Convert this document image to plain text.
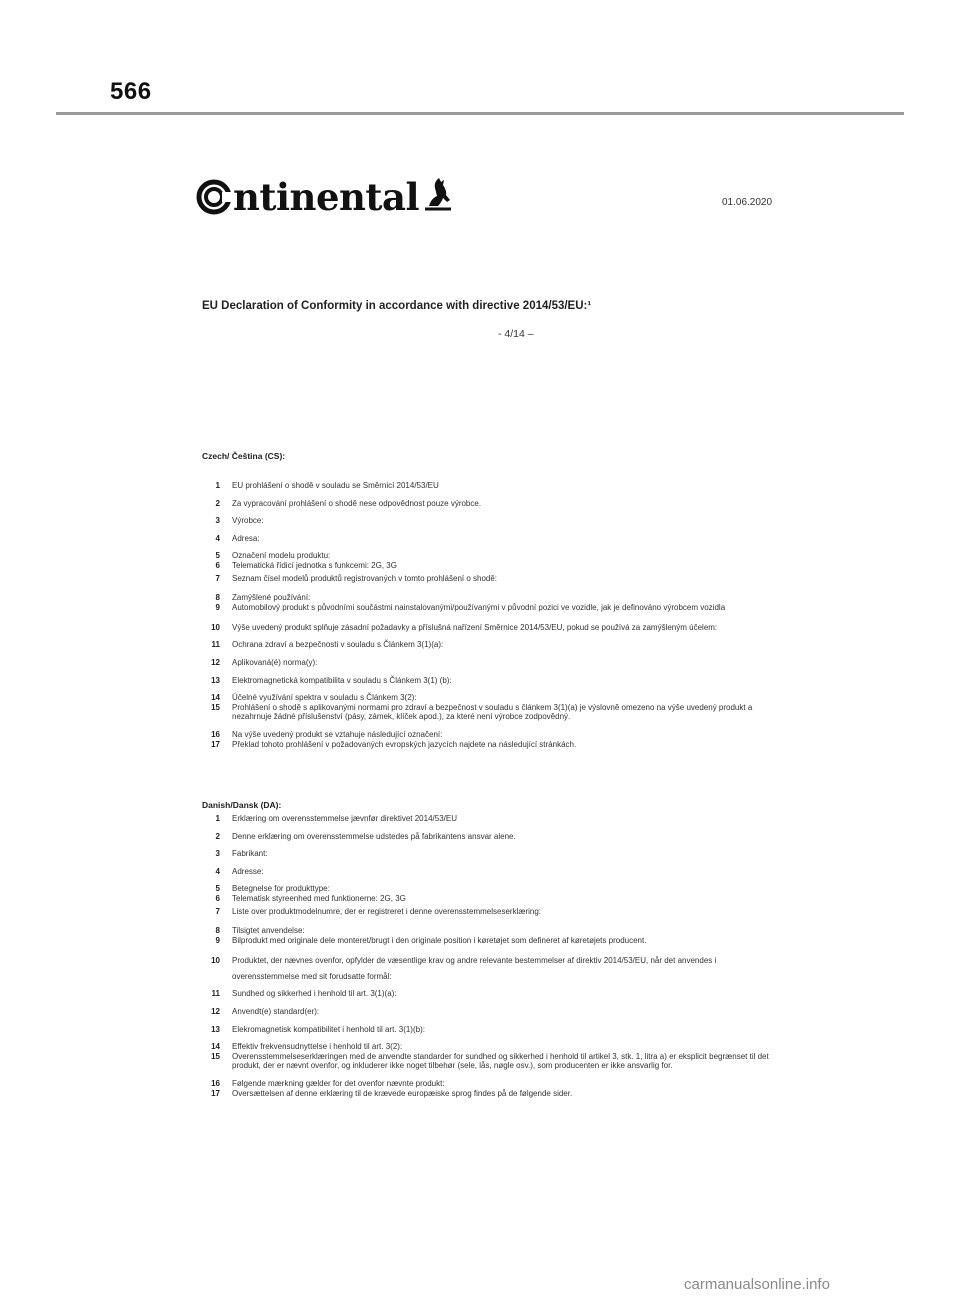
566
ntinental	01.06.2020
EU Declaration of Conformity in accordance with directive 2014/53/EU:¹
- 4/14 –
Czech/ Čeština (CS):
1	EU prohlášení o shodě v souladu se Směrnicí 2014/53/EU
2	Za vypracování prohlášení o shodě nese odpovědnost pouze výrobce.
3	Výrobce:
4	Adresa:
5	Označení modelu produktu:
6	Telematická řídicí jednotka s funkcemi: 2G, 3G
7	Seznam čísel modelů produktů registrovaných v tomto prohlášení o shodě:
8	Zamýšlené používání:
9	Automobilový produkt s původními součástmi nainstalovanými/používanými v původní pozici ve vozidle, jak je definováno výrobcem vozidla
10	Výše uvedený produkt splňuje zásadní požadavky a příslušná nařízení Směrnice 2014/53/EU, pokud se používá za zamýšleným účelem:
11	Ochrana zdraví a bezpečnosti v souladu s Článkem 3(1)(a):
12	Aplikovaná(é) norma(y):
13	Elektromagnetická kompatibilita v souladu s Článkem 3(1) (b):
14	Účelné využívání spektra v souladu s Článkem 3(2):
15	Prohlášení o shodě s aplikovanými normami pro zdraví a bezpečnost v souladu s článkem 3(1)(a) je výslovně omezeno na výše uvedený produkt a nezahrnuje žádné příslušenství (pásy, zámek, klíček apod.), za které není výrobce zodpovědný.
16	Na výše uvedený produkt se vztahuje následující označení:
17	Překlad tohoto prohlášení v požadovaných evropských jazycích najdete na následující stránkách.
Danish/Dansk (DA):
1	Erklæring om overensstemmelse jævnfør direktivet 2014/53/EU
2	Denne erklæring om overensstemmelse udstedes på fabrikantens ansvar alene.
3	Fabrikant:
4	Adresse:
5	Betegnelse for produkttype:
6	Telematisk styreenhed med funktionerne: 2G, 3G
7	Liste over produktmodelnumre, der er registreret i denne overensstemmelseserklæring:
8	Tilsigtet anvendelse:
9	Bilprodukt med originale dele monteret/brugt i den originale position i køretøjet som defineret af køretøjets producent.
10	Produktet, der nævnes ovenfor, opfylder de væsentlige krav og andre relevante bestemmelser af direktiv 2014/53/EU, når det anvendes i overensstemmelse med sit forudsatte formål:
11	Sundhed og sikkerhed i henhold til art. 3(1)(a):
12	Anvendt(e) standard(er):
13	Elekromagnetisk kompatibilitet i henhold til art. 3(1)(b):
14	Effektiv frekvensudnyttelse i henhold til art. 3(2):
15	Overensstemmelseserklæringen med de anvendte standarder for sundhed og sikkerhed i henhold til artikel 3, stk. 1, litra a) er eksplicit begrænset til det produkt, der er nævnt ovenfor, og inkluderer ikke noget tilbehør (sele, lås, nøgle osv.), som producenten er ikke ansvarlig for.
16	Følgende mærkning gælder for det ovenfor nævnte produkt:
17	Oversættelsen af denne erklæring til de krævede europæiske sprog findes på de følgende sider.
carmanualsonline.info
